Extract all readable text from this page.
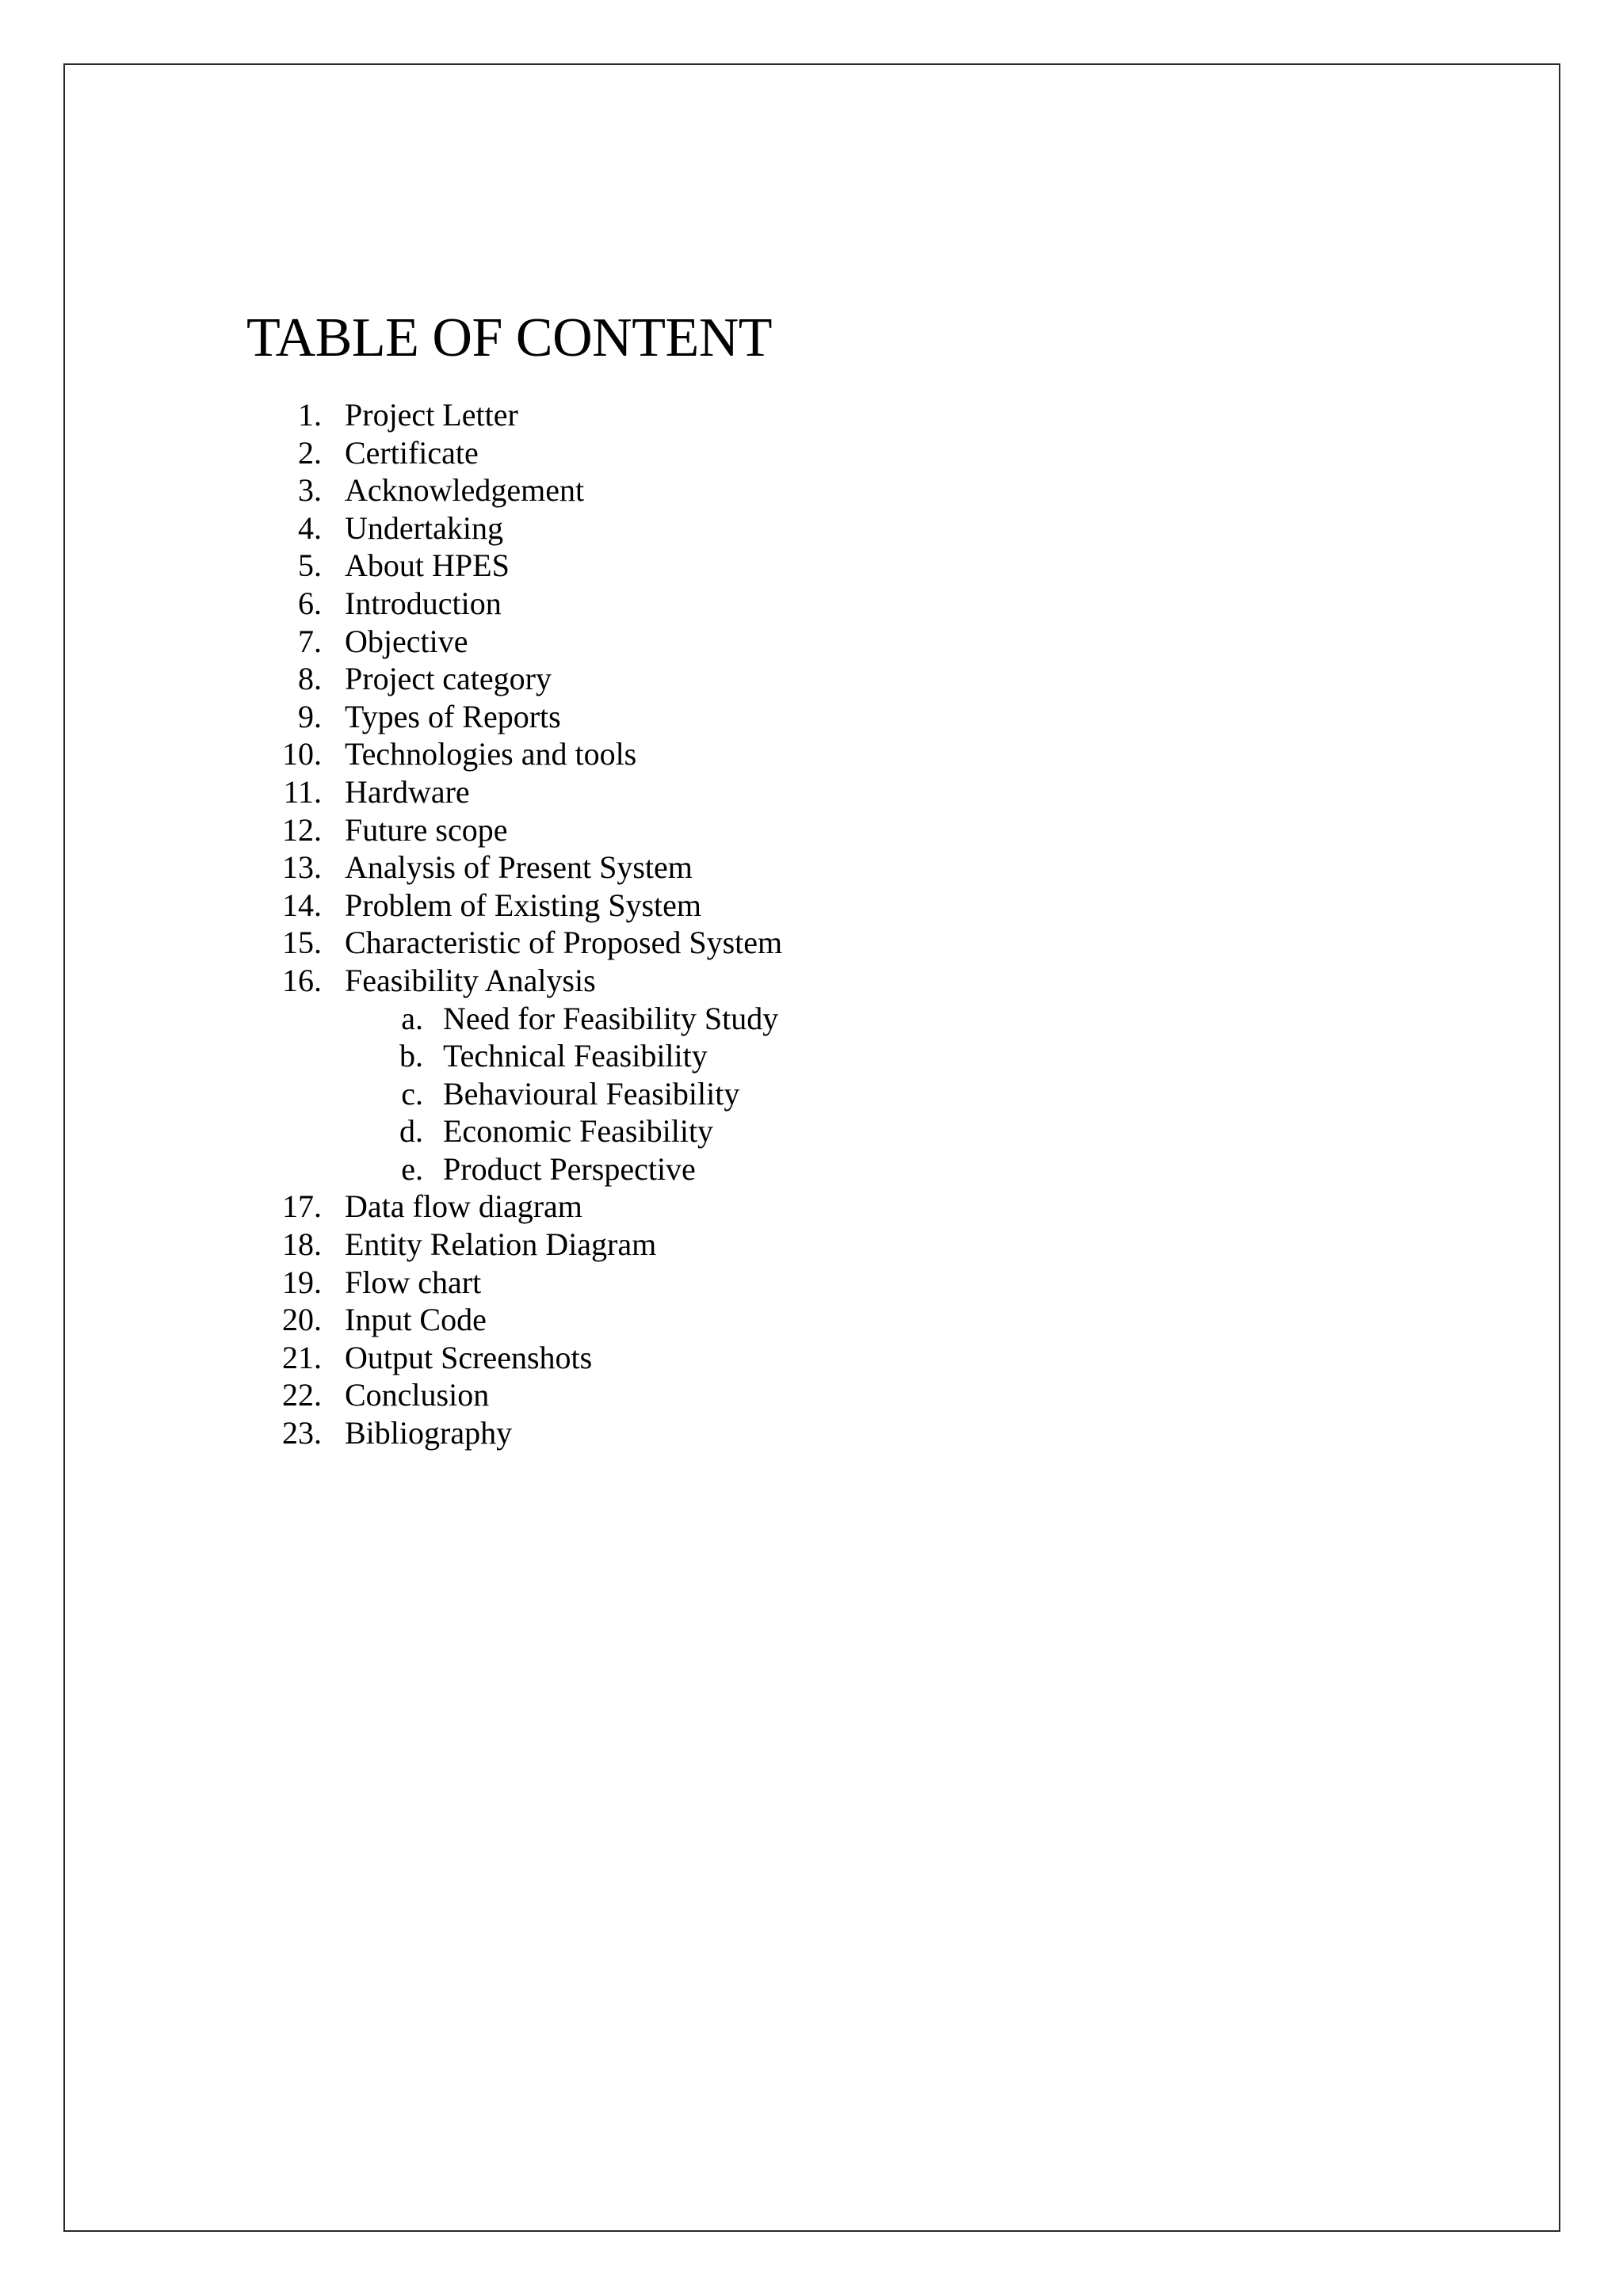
TABLE OF CONTENT
1. Project Letter
2. Certificate
3. Acknowledgement
4. Undertaking
5. About HPES
6. Introduction
7. Objective
8. Project category
9. Types of Reports
10. Technologies and tools
11. Hardware
12. Future scope
13. Analysis of Present System
14. Problem of Existing System
15. Characteristic of Proposed System
16. Feasibility Analysis
a. Need for Feasibility Study
b. Technical Feasibility
c. Behavioural Feasibility
d. Economic Feasibility
e. Product Perspective
17. Data flow diagram
18. Entity Relation Diagram
19. Flow chart
20. Input Code
21. Output Screenshots
22. Conclusion
23. Bibliography
